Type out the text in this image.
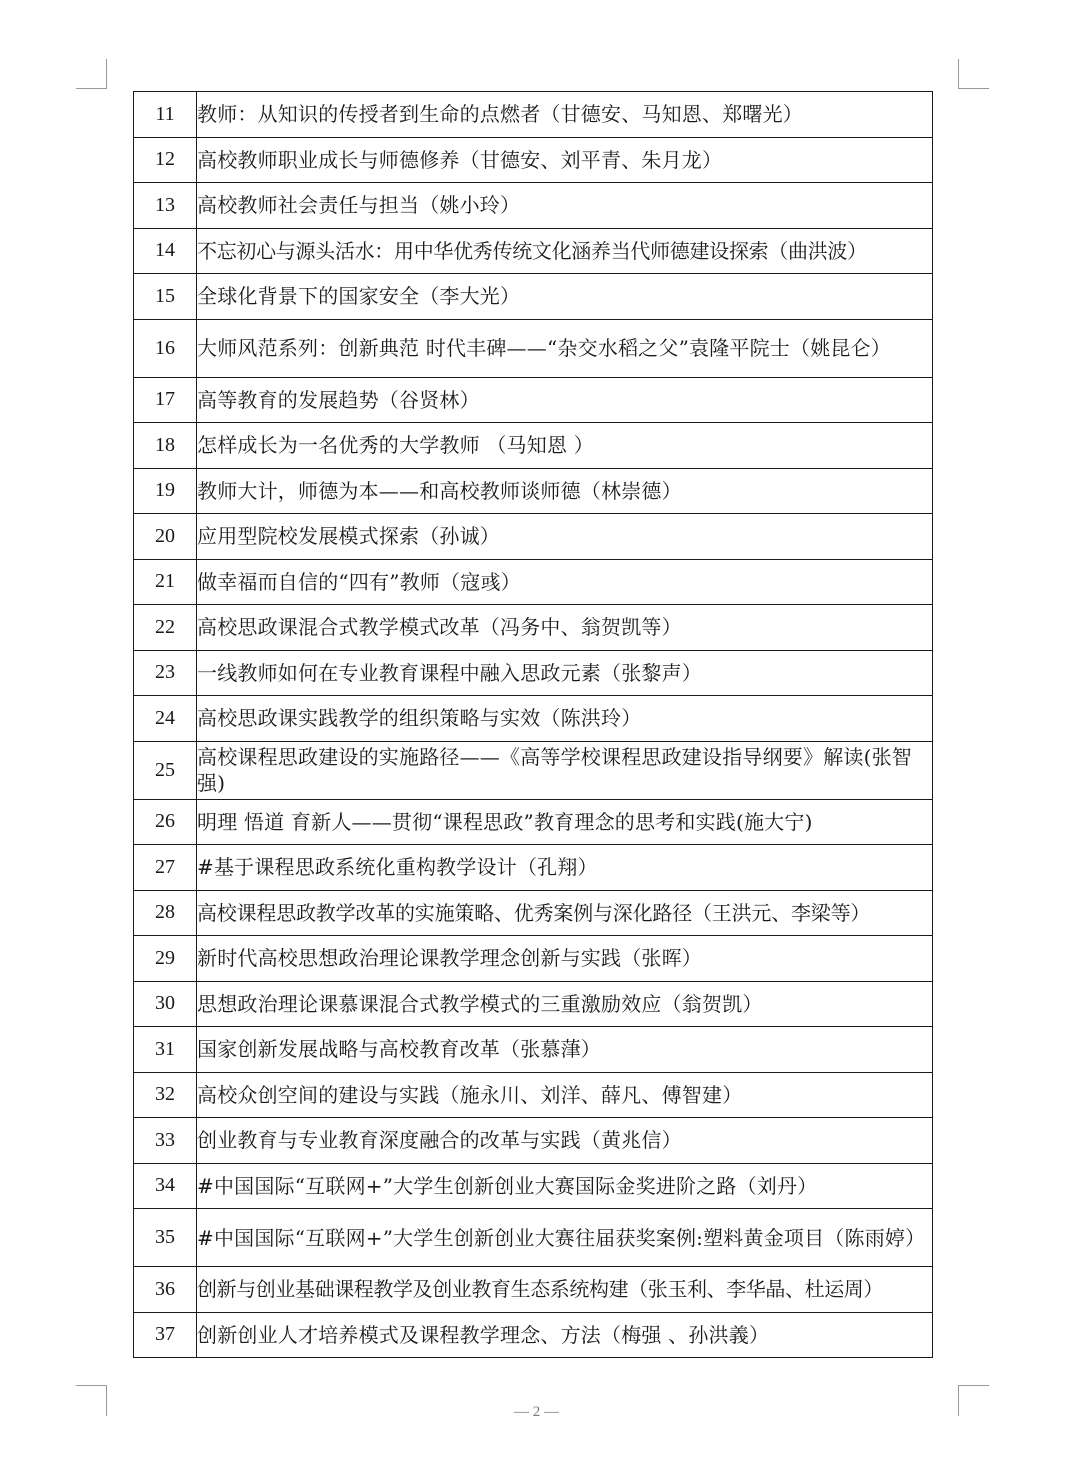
11	教师：从知识的传授者到生命的点燃者（甘德安、马知恩、郑曙光）
12	高校教师职业成长与师德修养（甘德安、刘平青、朱月龙）
13	高校教师社会责任与担当（姚小玲）
14	不忘初心与源头活水：用中华优秀传统文化涵养当代师德建设探索（曲洪波）
15	全球化背景下的国家安全（李大光）
16	大师风范系列：创新典范 时代丰碑——“杂交水稻之父”袁隆平院士（姚昆仑）
17	高等教育的发展趋势（谷贤林）
18	怎样成长为一名优秀的大学教师 （马知恩 ）
19	教师大计，师德为本——和高校教师谈师德（林崇德）
20	应用型院校发展模式探索（孙诚）
21	做幸福而自信的“四有”教师（寇彧）
22	高校思政课混合式教学模式改革（冯务中、翁贺凯等）
23	一线教师如何在专业教育课程中融入思政元素（张黎声）
24	高校思政课实践教学的组织策略与实效（陈洪玲）
25	高校课程思政建设的实施路径——《高等学校课程思政建设指导纲要》解读(张智强)
26	明理 悟道 育新人——贯彻“课程思政”教育理念的思考和实践(施大宁)
27	#基于课程思政系统化重构教学设计（孔翔）
28	高校课程思政教学改革的实施策略、优秀案例与深化路径（王洪元、李梁等）
29	新时代高校思想政治理论课教学理念创新与实践（张晖）
30	思想政治理论课慕课混合式教学模式的三重激励效应（翁贺凯）
31	国家创新发展战略与高校教育改革（张慕葏）
32	高校众创空间的建设与实践（施永川、刘洋、薛凡、傅智建）
33	创业教育与专业教育深度融合的改革与实践（黄兆信）
34	#中国国际“互联网+”大学生创新创业大赛国际金奖进阶之路（刘丹）
35	#中国国际“互联网+”大学生创新创业大赛往届获奖案例:塑料黄金项目（陈雨婷）
36	创新与创业基础课程教学及创业教育生态系统构建（张玉利、李华晶、杜运周）
37	创新创业人才培养模式及课程教学理念、方法（梅强 、孙洪義）
— 2 —
